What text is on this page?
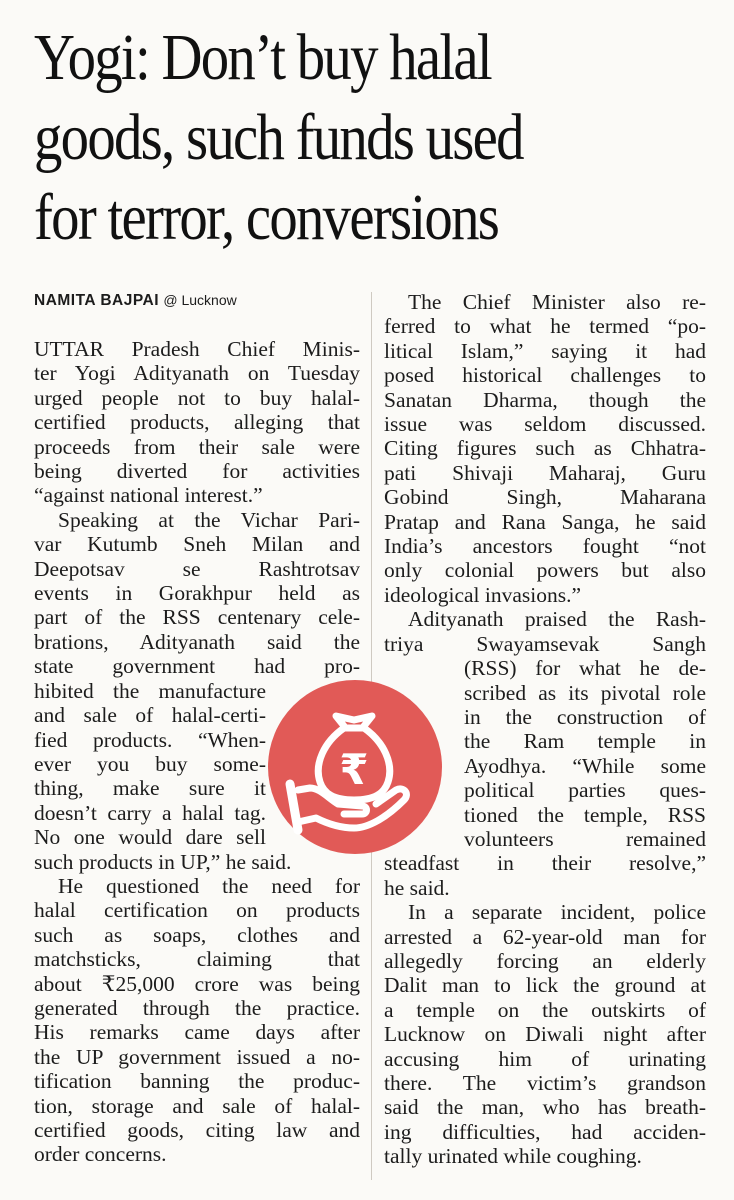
Yogi: Don’t buy halal
goods, such funds used
for terror, conversions
NAMITA BAJPAI @ Lucknow
UTTAR Pradesh Chief Minis-
ter Yogi Adityanath on Tuesday
urged people not to buy halal-
certified products, alleging that
proceeds from their sale were
being diverted for activities
“against national interest.”
Speaking at the Vichar Pari-
var Kutumb Sneh Milan and
Deepotsav se Rashtrotsav
events in Gorakhpur held as
part of the RSS centenary cele-
brations, Adityanath said the
state government had pro-
hibited the manufacture
and sale of halal-certi-
fied products. “When-
ever you buy some-
thing, make sure it
doesn’t carry a halal tag.
No one would dare sell
such products in UP,” he said.
He questioned the need for
halal certification on products
such as soaps, clothes and
matchsticks, claiming that
about ₹25,000 crore was being
generated through the practice.
His remarks came days after
the UP government issued a no-
tification banning the produc-
tion, storage and sale of halal-
certified goods, citing law and
order concerns.
The Chief Minister also re-
ferred to what he termed “po-
litical Islam,” saying it had
posed historical challenges to
Sanatan Dharma, though the
issue was seldom discussed.
Citing figures such as Chhatra-
pati Shivaji Maharaj, Guru
Gobind Singh, Maharana
Pratap and Rana Sanga, he said
India’s ancestors fought “not
only colonial powers but also
ideological invasions.”
Adityanath praised the Rash-
triya Swayamsevak Sangh
(RSS) for what he de-
scribed as its pivotal role
in the construction of
the Ram temple in
Ayodhya. “While some
political parties ques-
tioned the temple, RSS
volunteers remained
steadfast in their resolve,”
he said.
In a separate incident, police
arrested a 62-year-old man for
allegedly forcing an elderly
Dalit man to lick the ground at
a temple on the outskirts of
Lucknow on Diwali night after
accusing him of urinating
there. The victim’s grandson
said the man, who has breath-
ing difficulties, had acciden-
tally urinated while coughing.
₹
